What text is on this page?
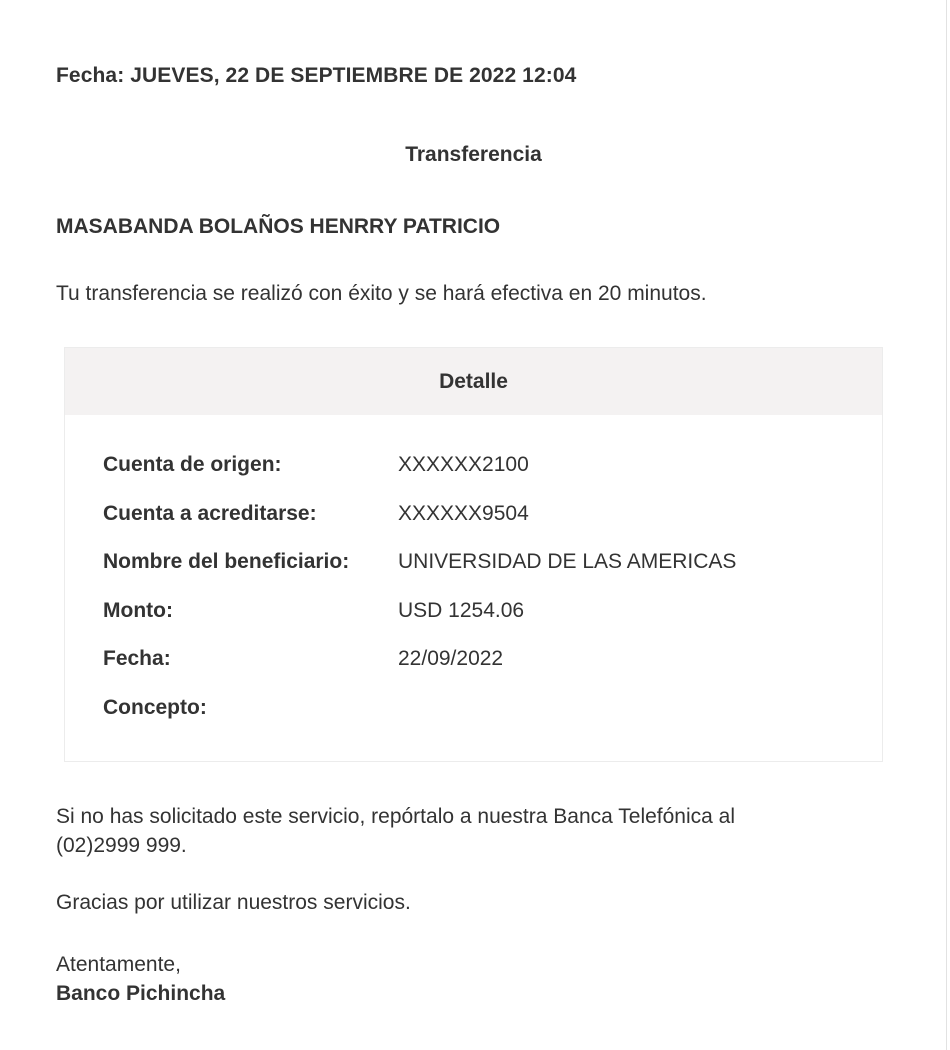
Fecha: JUEVES, 22 DE SEPTIEMBRE DE 2022 12:04
Transferencia
MASABANDA BOLAÑOS HENRRY PATRICIO
Tu transferencia se realizó con éxito y se hará efectiva en 20 minutos.
Detalle
Cuenta de origen:	XXXXXX2100
Cuenta a acreditarse:	XXXXXX9504
Nombre del beneficiario:	UNIVERSIDAD DE LAS AMERICAS
Monto:	USD 1254.06
Fecha:	22/09/2022
Concepto:
Si no has solicitado este servicio, repórtalo a nuestra Banca Telefónica al (02)2999 999.
Gracias por utilizar nuestros servicios.
Atentamente,
Banco Pichincha
